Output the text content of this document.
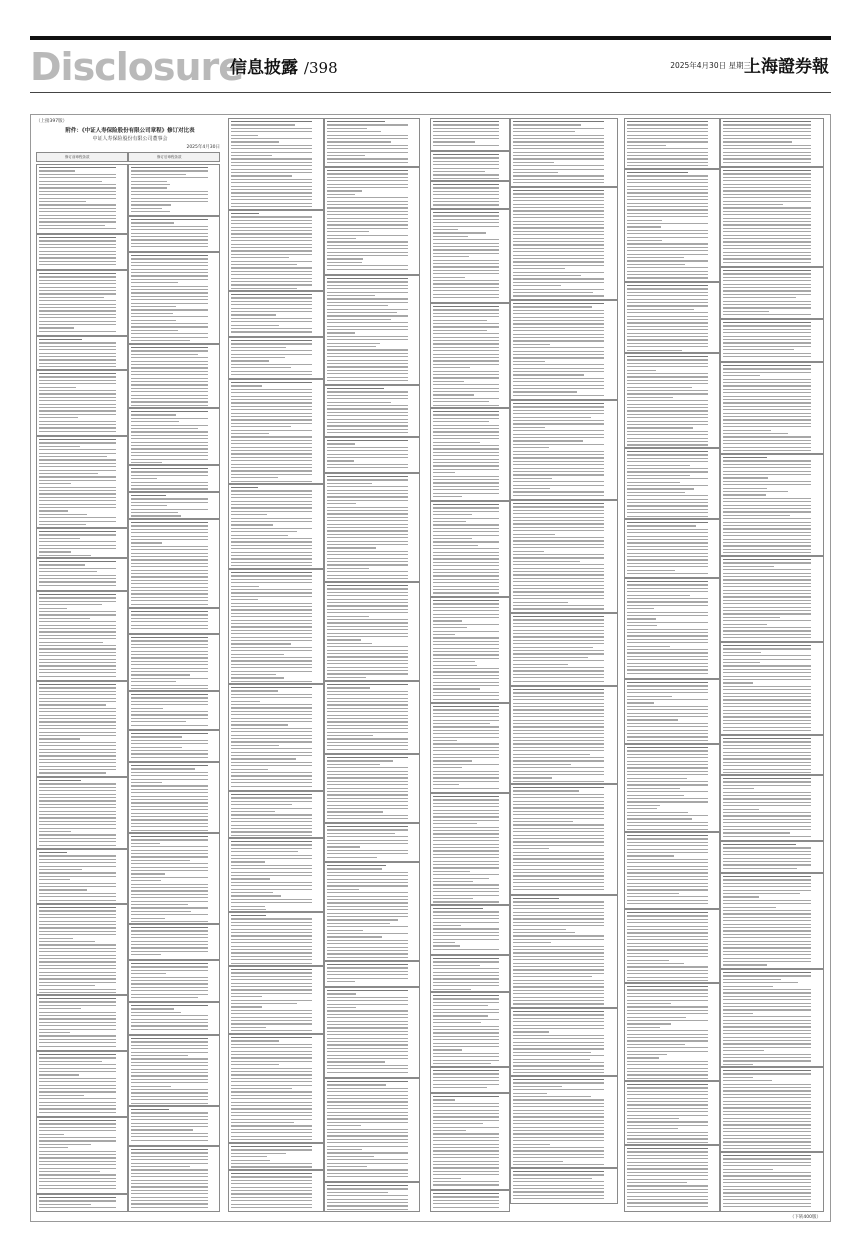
Disclosure
信息披露 /398	2025年4月30日 星期三
上海證券報
（上接397版）
附件：《中证人寿保险股份有限公司章程》修订对比表
中证人寿保险股份有限公司董事会
2025年4月30日
修订前章程条款	修订后章程条款
（下转400版）
